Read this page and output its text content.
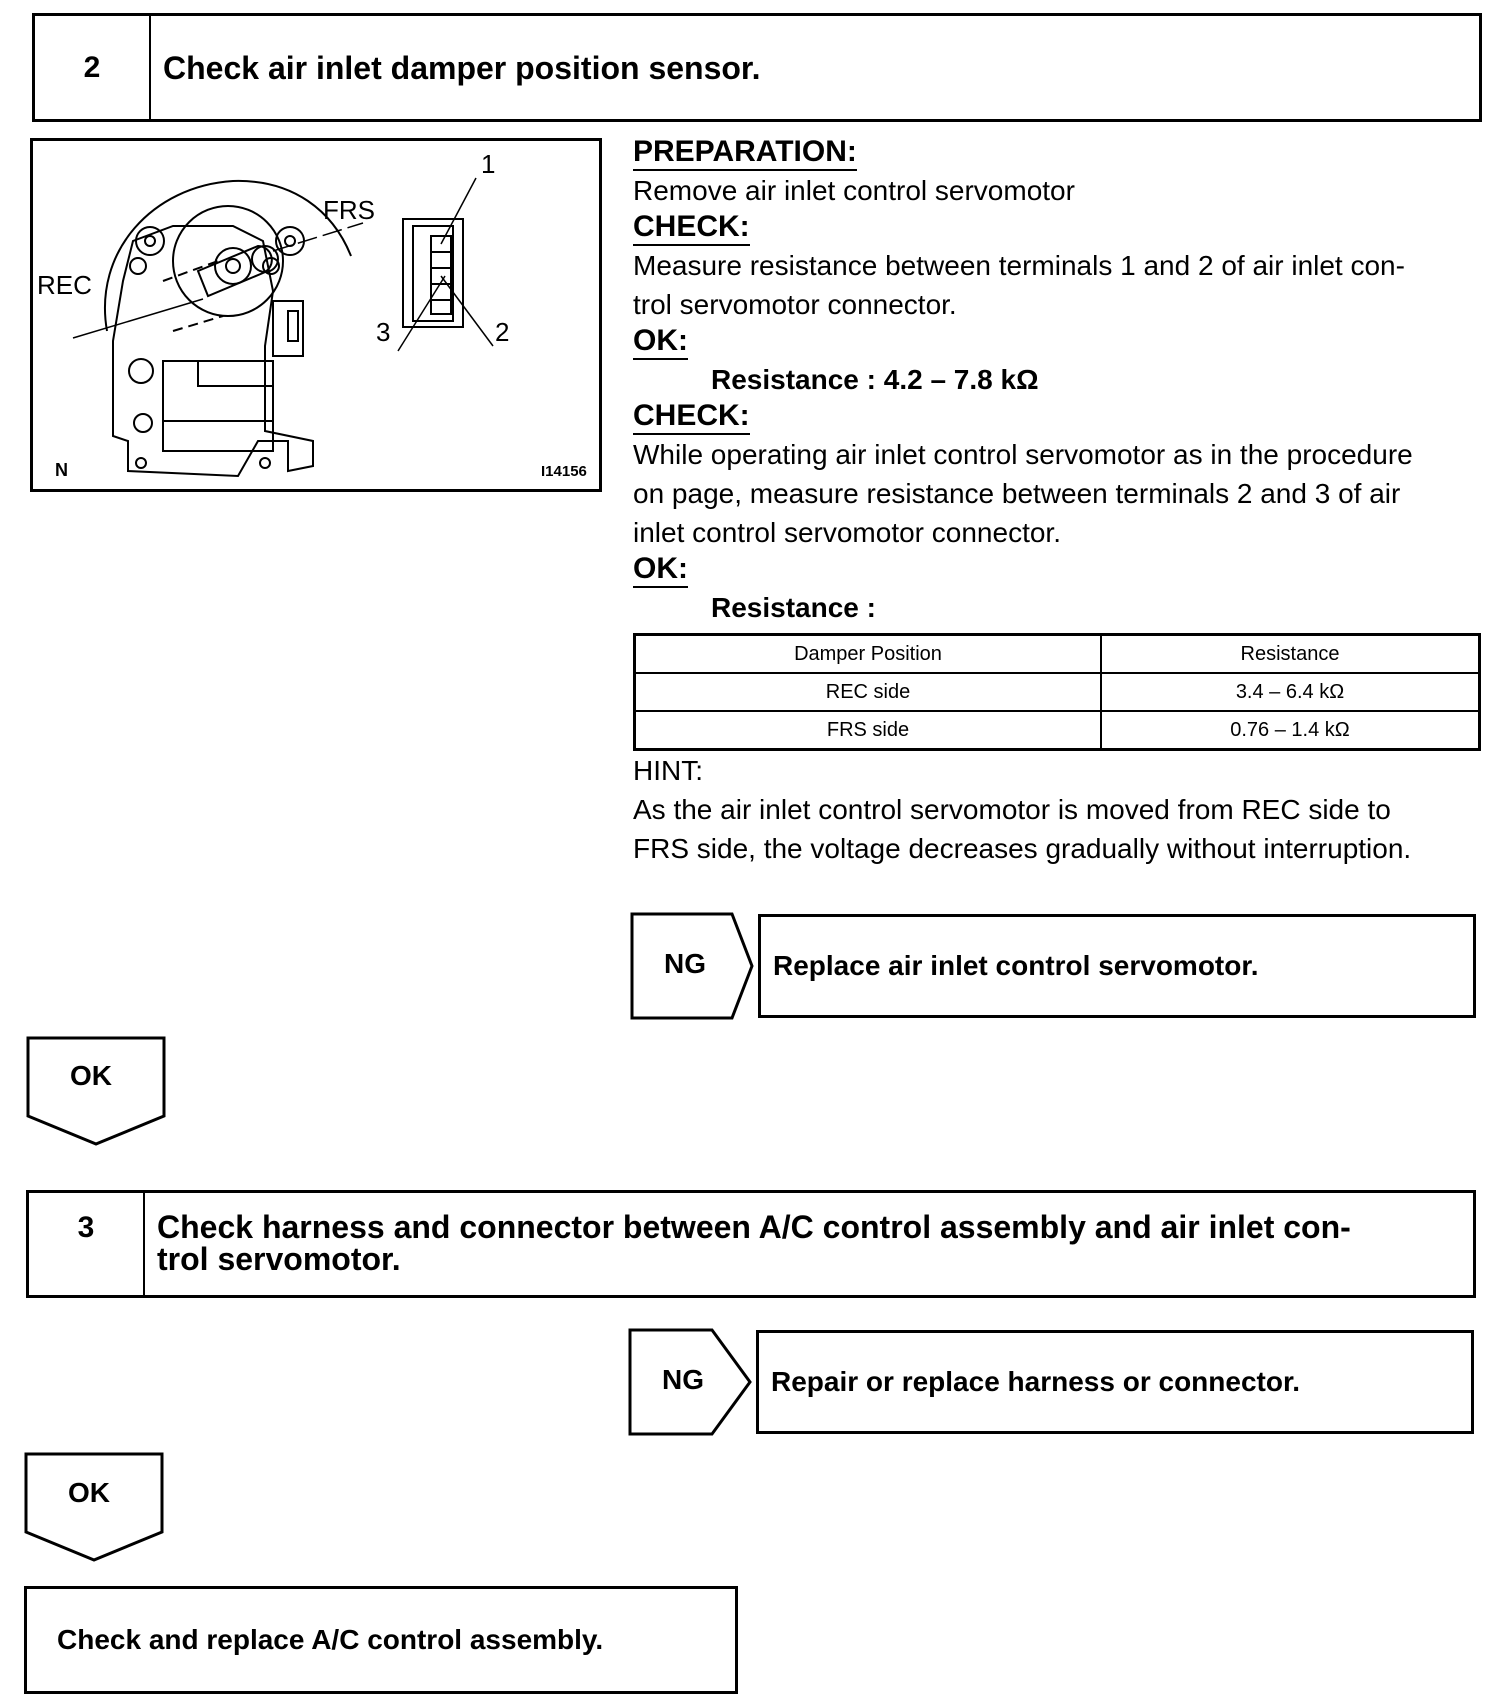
2	Check air inlet damper position sensor.
REC
FRS
1
2
3
N	I14156
PREPARATION:
Remove air inlet control servomotor
CHECK:
Measure resistance between terminals 1 and 2 of air inlet con-
trol servomotor connector.
OK:
Resistance : 4.2 – 7.8 kΩ
CHECK:
While operating air inlet control servomotor as in the procedure
on page, measure resistance between terminals 2 and 3 of air
inlet control servomotor connector.
OK:
Resistance :
Damper Position	Resistance
REC side	3.4 – 6.4 kΩ
FRS side	0.76 – 1.4 kΩ
HINT:
As the air inlet control servomotor is moved from REC side to
FRS side, the voltage decreases gradually without interruption.
NG	Replace air inlet control servomotor.
OK
3	Check harness and connector between A/C control assembly and air inlet con-
trol servomotor.
NG	Repair or replace harness or connector.
OK
Check and replace A/C control assembly.
